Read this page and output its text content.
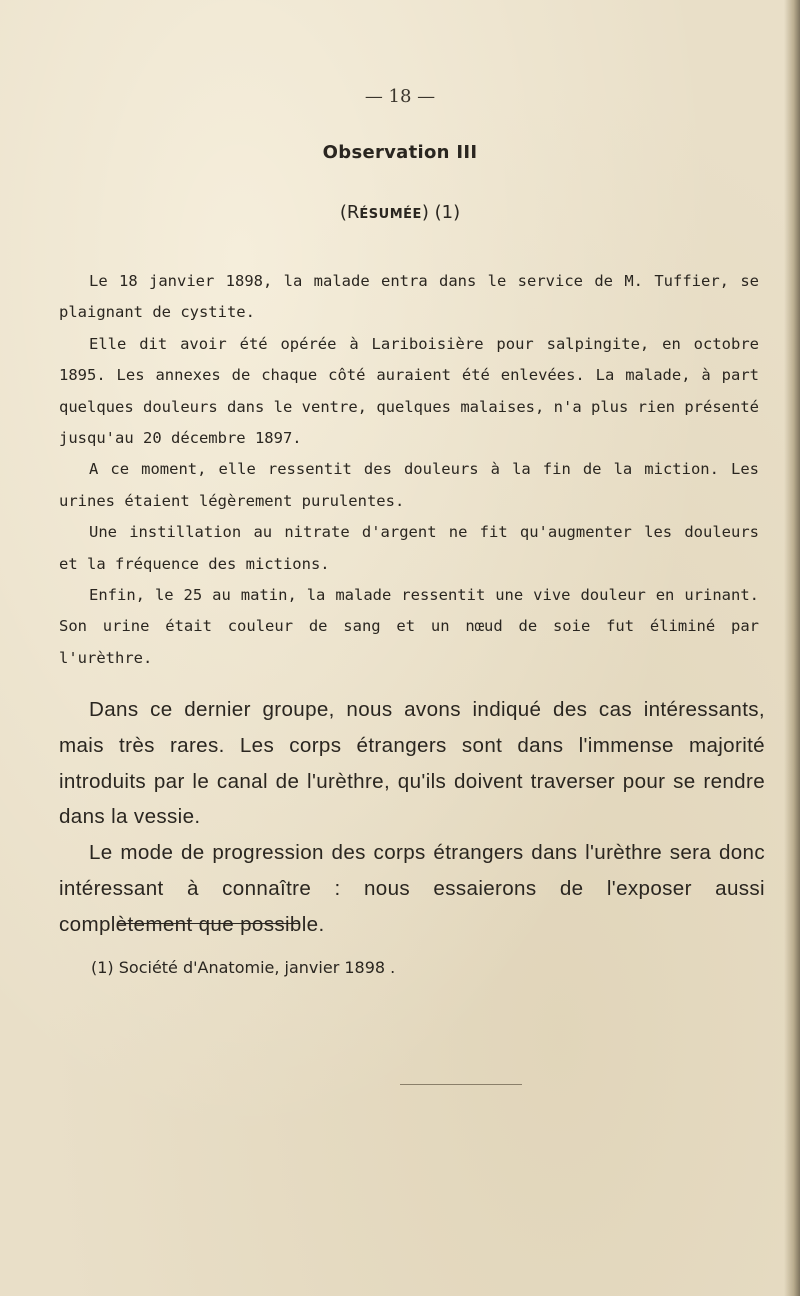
— 18 —
Observation III
(RÉSUMÉE) (1)

Le 18 janvier 1898, la malade entra dans le service de M. Tuffier, se plaignant de cystite.

Elle dit avoir été opérée à Lariboisière pour salpingite, en octobre 1895. Les annexes de chaque côté auraient été enlevées. La malade, à part quelques douleurs dans le ventre, quelques malaises, n'a plus rien présenté jusqu'au 20 décembre 1897.

A ce moment, elle ressentit des douleurs à la fin de la miction. Les urines étaient légèrement purulentes.

Une instillation au nitrate d'argent ne fit qu'augmenter les douleurs et la fréquence des mictions.

Enfin, le 25 au matin, la malade ressentit une vive douleur en urinant. Son urine était couleur de sang et un nœud de soie fut éliminé par l'urèthre.

Dans ce dernier groupe, nous avons indiqué des cas intéressants, mais très rares. Les corps étrangers sont dans l'immense majorité introduits par le canal de l'urèthre, qu'ils doivent traverser pour se rendre dans la vessie.

Le mode de progression des corps étrangers dans l'urèthre sera donc intéressant à connaître : nous essaierons de l'exposer aussi complètement que possible.

(1) Société d'Anatomie, janvier 1898 .
